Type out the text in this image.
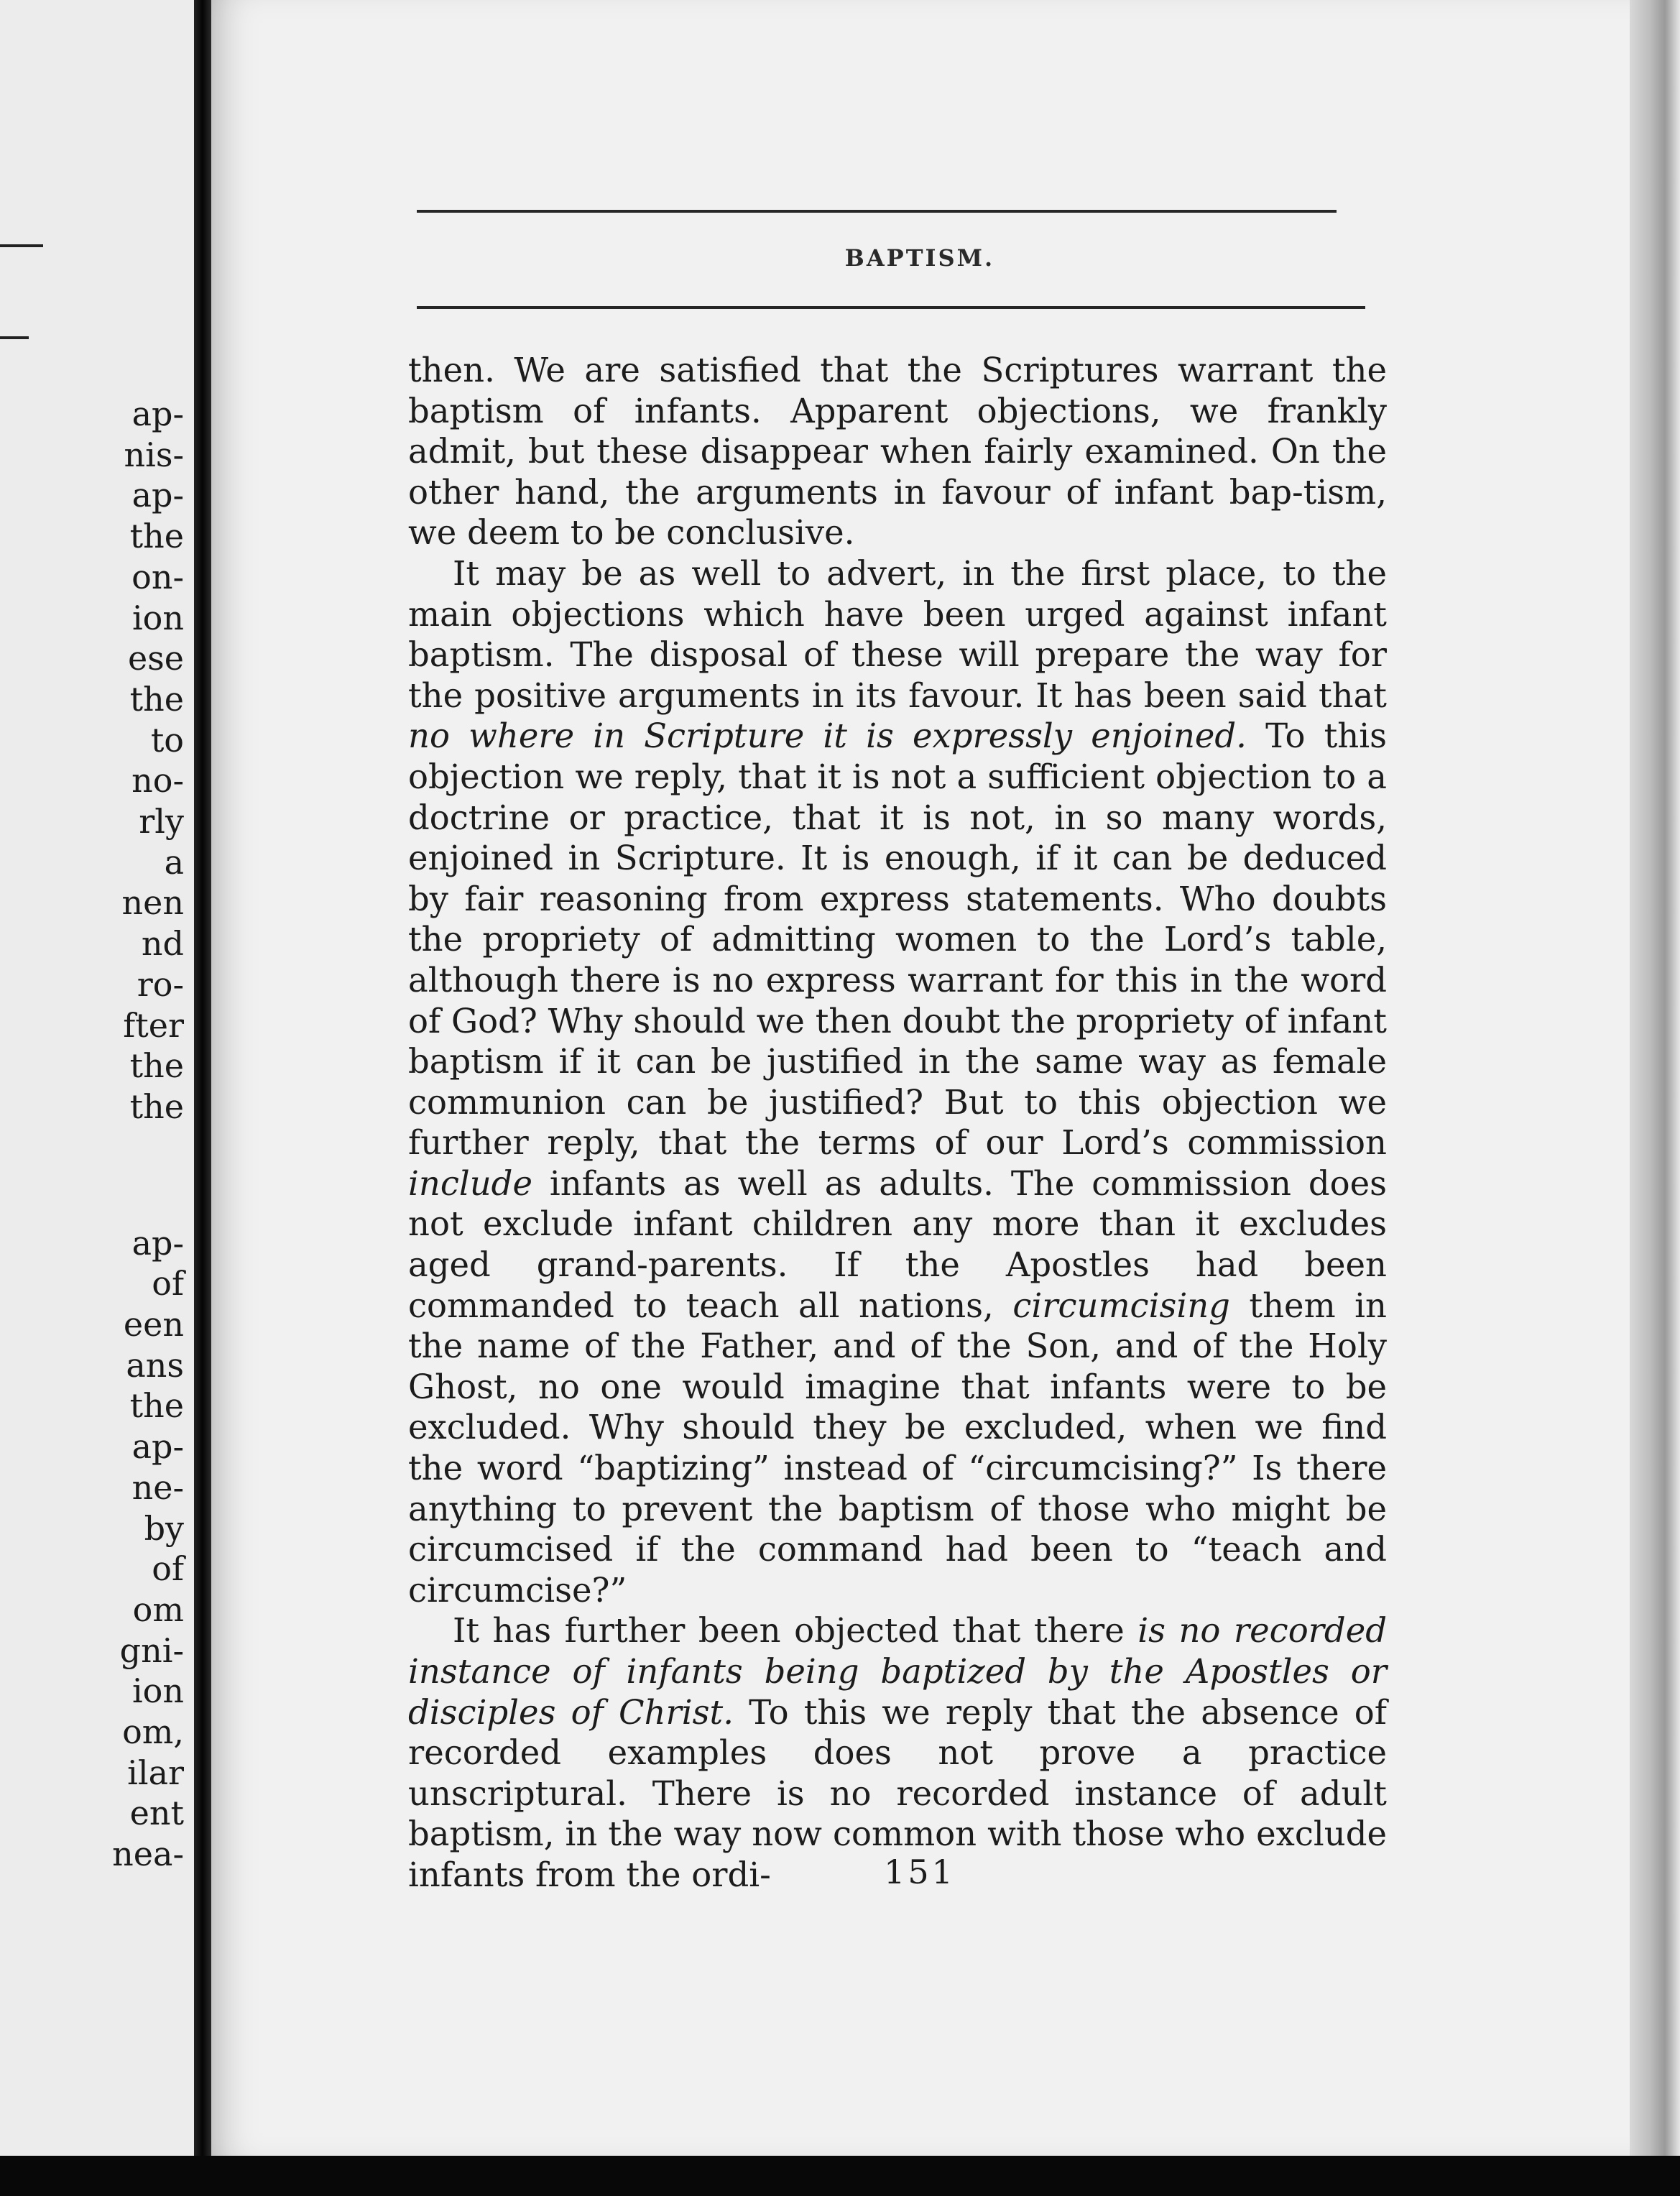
ap-
nis-
ap-
the
on-
ion
ese
the
to
no-
rly
a
nen
nd
ro-
fter
the
the
ap-
of
een
ans
the
ap-
ne-
by
of
om
gni-
ion
om,
ilar
ent
nea-
BAPTISM.

then. We are satisfied that the Scriptures warrant the baptism of infants. Apparent objections, we frankly admit, but these disappear when fairly examined. On the other hand, the arguments in favour of infant bap-tism, we deem to be conclusive.

It may be as well to advert, in the first place, to the main objections which have been urged against infant baptism. The disposal of these will prepare the way for the positive arguments in its favour. It has been said that no where in Scripture it is expressly enjoined. To this objection we reply, that it is not a sufficient objection to a doctrine or practice, that it is not, in so many words, enjoined in Scripture. It is enough, if it can be deduced by fair reasoning from express statements. Who doubts the propriety of admitting women to the Lord’s table, although there is no express warrant for this in the word of God? Why should we then doubt the propriety of infant baptism if it can be justified in the same way as female communion can be justified? But to this objection we further reply, that the terms of our Lord’s commission include infants as well as adults. The commission does not exclude infant children any more than it excludes aged grand-parents. If the Apostles had been commanded to teach all nations, circumcising them in the name of the Father, and of the Son, and of the Holy Ghost, no one would imagine that infants were to be excluded. Why should they be excluded, when we find the word “baptizing” instead of “circumcising?” Is there anything to prevent the baptism of those who might be circumcised if the command had been to “teach and circumcise?”

It has further been objected that there is no recorded instance of infants being baptized by the Apostles or disciples of Christ. To this we reply that the absence of recorded examples does not prove a practice unscriptural. There is no recorded instance of adult baptism, in the way now common with those who exclude infants from the ordi-	151
